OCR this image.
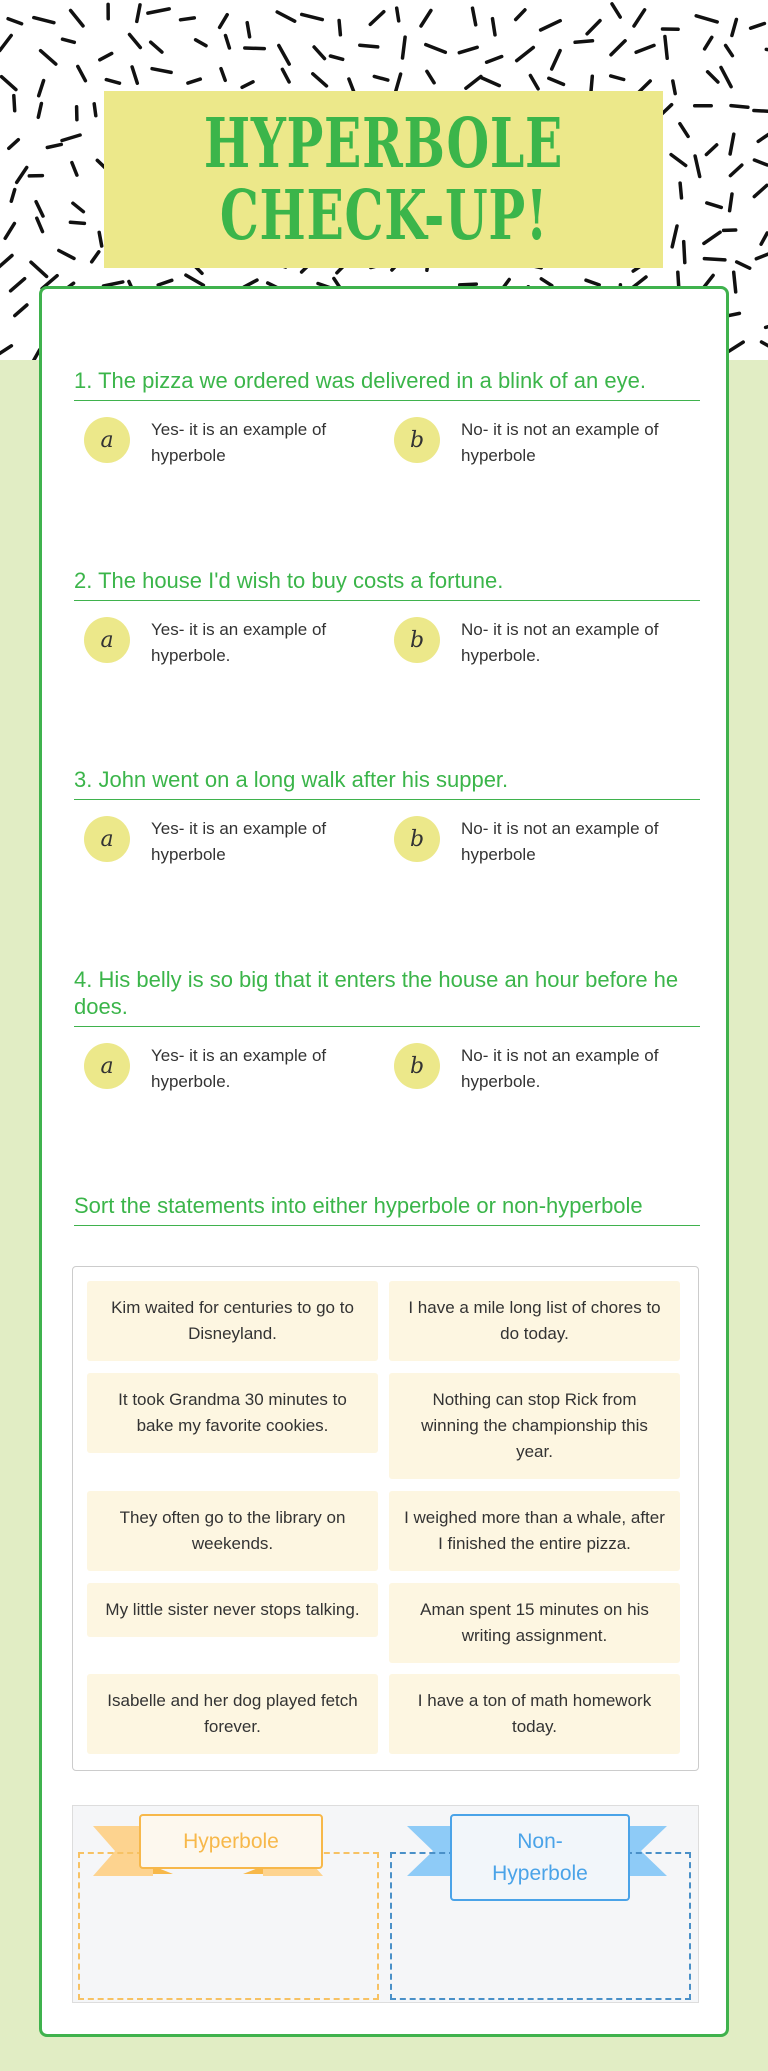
HYPERBOLE
CHECK-UP!
1. The pizza we ordered was delivered in a blink of an eye.
a	Yes- it is an example of hyperbole
b	No- it is not an example of hyperbole
2. The house I'd wish to buy costs a fortune.
a	Yes- it is an example of hyperbole.
b	No- it is not an example of hyperbole.
3. John went on a long walk after his supper.
a	Yes- it is an example of hyperbole
b	No- it is not an example of hyperbole
4. His belly is so big that it enters the house an hour before he does.
a	Yes- it is an example of hyperbole.
b	No- it is not an example of hyperbole.
Sort the statements into either hyperbole or non-hyperbole
Kim waited for centuries to go to Disneyland.
I have a mile long list of chores to do today.
It took Grandma 30 minutes to bake my favorite cookies.
Nothing can stop Rick from winning the championship this year.
They often go to the library on weekends.
I weighed more than a whale, after I finished the entire pizza.
My little sister never stops talking.	Aman spent 15 minutes on his writing assignment.
Isabelle and her dog played fetch forever.
I have a ton of math homework today.
Hyperbole	Non-Hyperbole
